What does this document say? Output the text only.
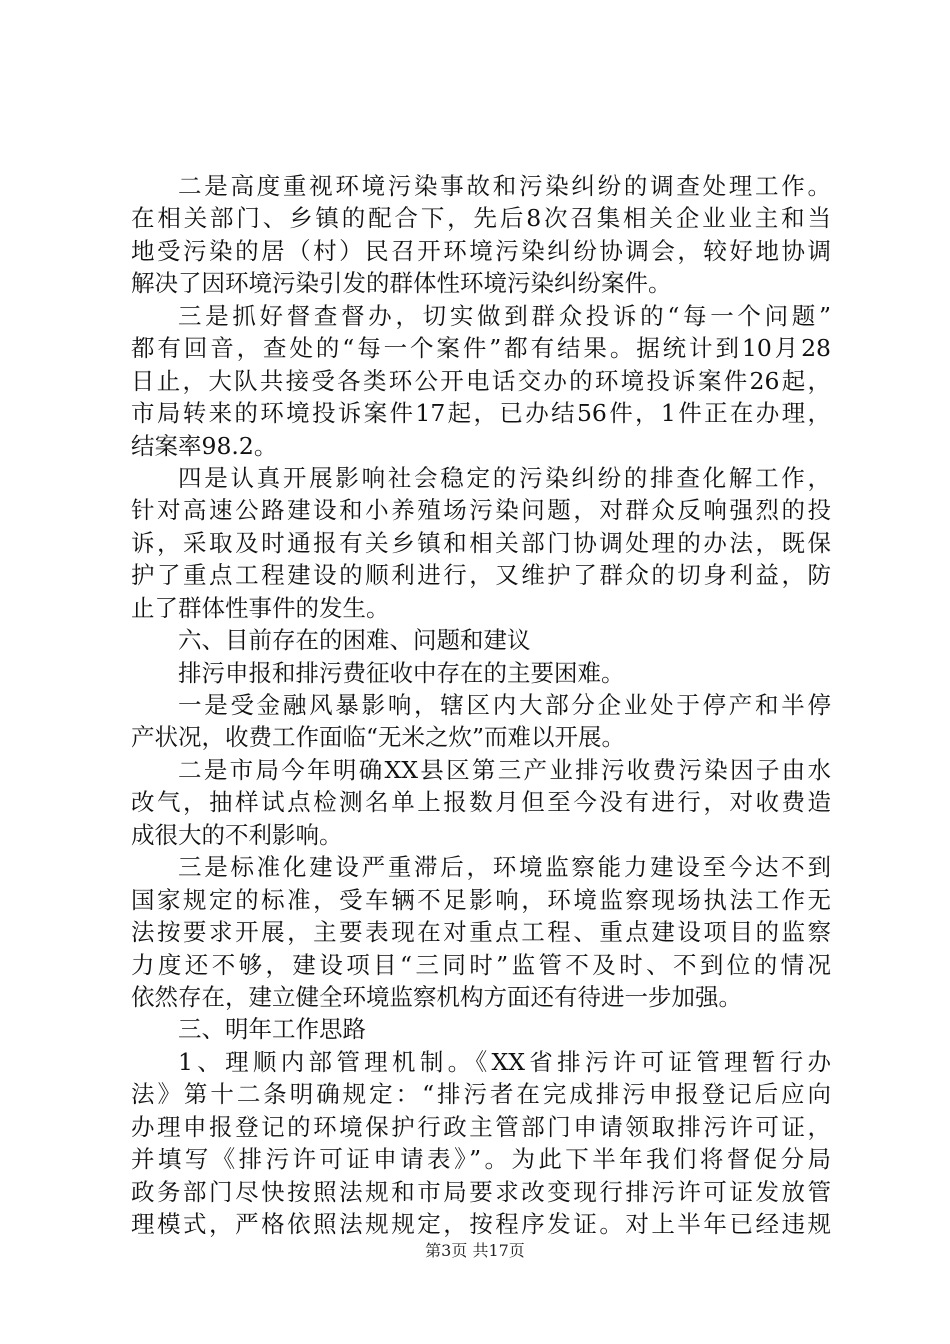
二是高度重视环境污染事故和污染纠纷的调查处理工作。
在相关部门、乡镇的配合下，先后8次召集相关企业业主和当
地受污染的居（村）民召开环境污染纠纷协调会，较好地协调
解决了因环境污染引发的群体性环境污染纠纷案件。
三是抓好督查督办，切实做到群众投诉的“每一个问题”
都有回音，查处的“每一个案件”都有结果。据统计到10月28
日止，大队共接受各类环公开电话交办的环境投诉案件26起，
市局转来的环境投诉案件17起，已办结56件，1件正在办理，
结案率98.2。
四是认真开展影响社会稳定的污染纠纷的排查化解工作，
针对高速公路建设和小养殖场污染问题，对群众反响强烈的投
诉，采取及时通报有关乡镇和相关部门协调处理的办法，既保
护了重点工程建设的顺利进行，又维护了群众的切身利益，防
止了群体性事件的发生。
六、目前存在的困难、问题和建议
排污申报和排污费征收中存在的主要困难。
一是受金融风暴影响，辖区内大部分企业处于停产和半停
产状况，收费工作面临“无米之炊”而难以开展。
二是市局今年明确XX县区第三产业排污收费污染因子由水
改气，抽样试点检测名单上报数月但至今没有进行，对收费造
成很大的不利影响。
三是标准化建设严重滞后，环境监察能力建设至今达不到
国家规定的标准，受车辆不足影响，环境监察现场执法工作无
法按要求开展，主要表现在对重点工程、重点建设项目的监察
力度还不够，建设项目“三同时”监管不及时、不到位的情况
依然存在，建立健全环境监察机构方面还有待进一步加强。
三、明年工作思路
1、理顺内部管理机制。《XX省排污许可证管理暂行办
法》第十二条明确规定：“排污者在完成排污申报登记后应向
办理申报登记的环境保护行政主管部门申请领取排污许可证，
并填写《排污许可证申请表》”。为此下半年我们将督促分局
政务部门尽快按照法规和市局要求改变现行排污许可证发放管
理模式，严格依照法规规定，按程序发证。对上半年已经违规
第3页 共17页
